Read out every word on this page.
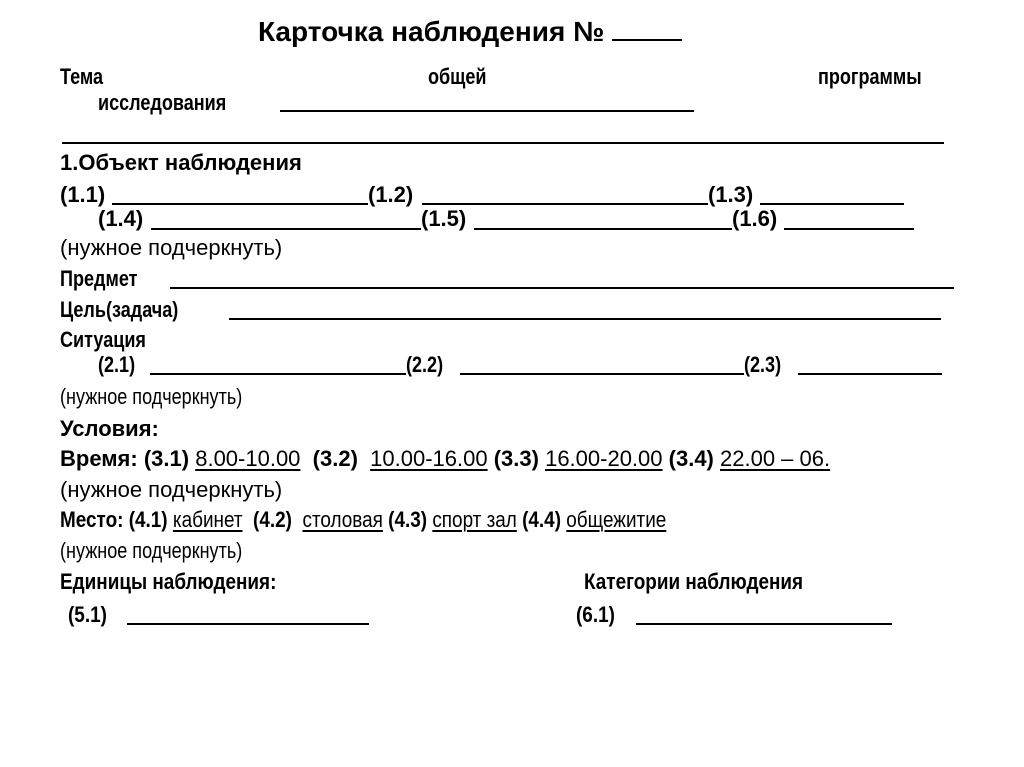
Карточка наблюдения №
Тема	общей	программы
исследования
1.Объект наблюдения
(1.1)	(1.2)	(1.3)
(1.4)	(1.5)	(1.6)
(нужное подчеркнуть)
Предмет
Цель(задача)
Ситуация
(2.1)	(2.2)	(2.3)
(нужное подчеркнуть)
Условия:
Время: (3.1) 8.00-10.00 (3.2) 10.00-16.00 (3.3) 16.00-20.00 (3.4) 22.00 – 06.
(нужное подчеркнуть)
Место: (4.1) кабинет (4.2) столовая (4.3) спорт зал (4.4) общежитие
(нужное подчеркнуть)
Единицы наблюдения:
(5.1)
Категории наблюдения
(6.1)
